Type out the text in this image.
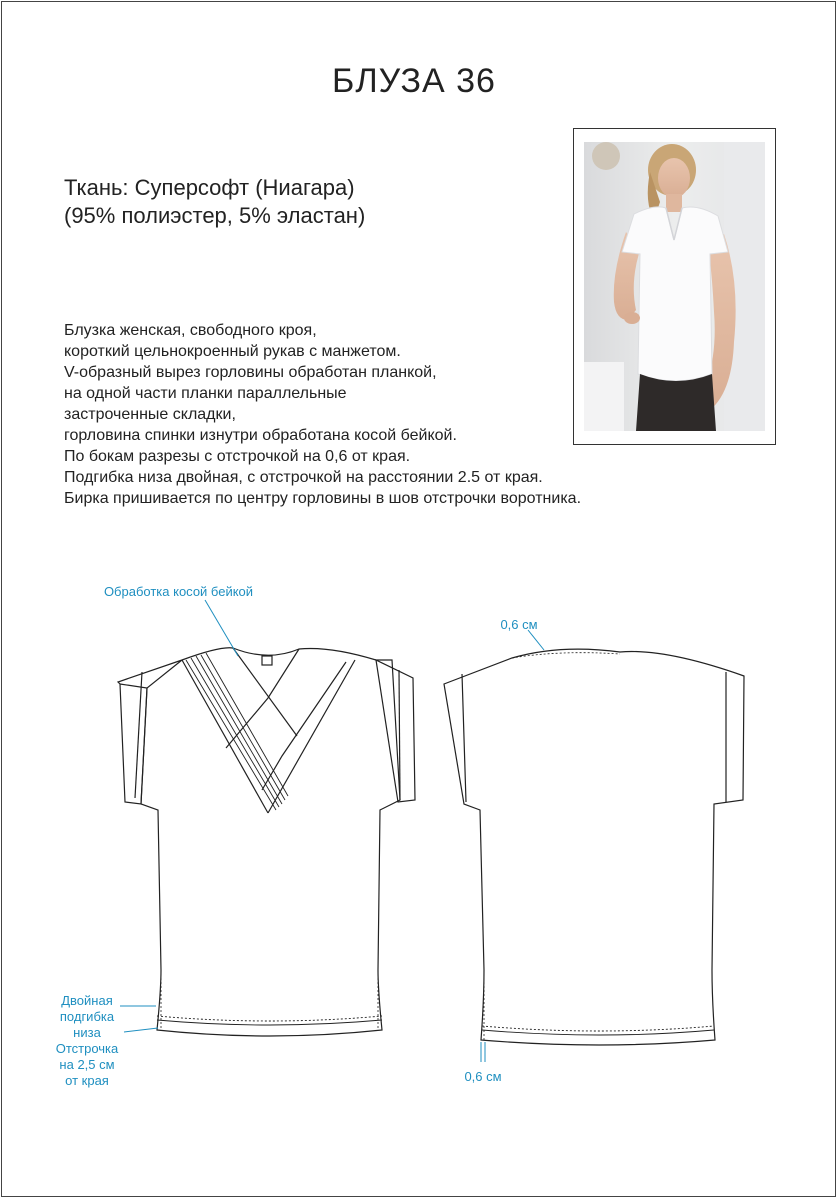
БЛУЗА 36
Ткань: Суперсофт (Ниагара)
(95% полиэстер, 5% эластан)
Блузка женская, свободного кроя,
короткий цельнокроенный рукав с манжетом.
V-образный вырез горловины обработан планкой,
на одной части планки параллельные
застроченные складки,
горловина спинки изнутри обработана косой бейкой.
По бокам разрезы с отстрочкой на 0,6 от края.
Подгибка низа двойная, с отстрочкой на расстоянии 2.5 от края.
Бирка пришивается по центру горловины в шов отстрочки воротника.
Обработка косой бейкой
0,6 см
Двойная
подгибка
низа
Отстрочка
на 2,5 см
от края	0,6 см
